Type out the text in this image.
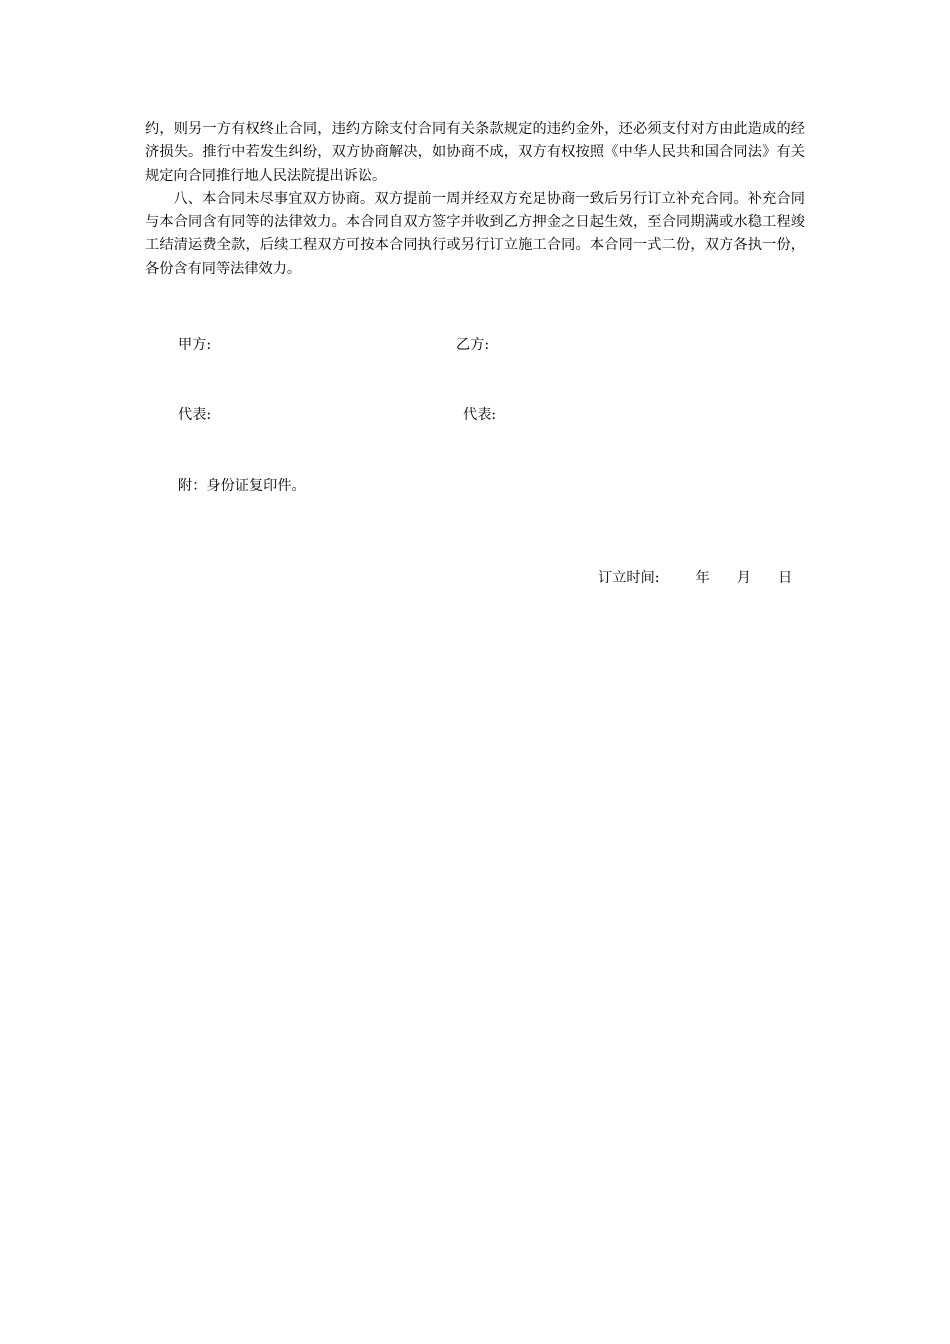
约，则另一方有权终止合同，违约方除支付合同有关条款规定的违约金外，还必须支付对方由此造成的经济损失。推行中若发生纠纷，双方协商解决，如协商不成，双方有权按照《中华人民共和国合同法》有关规定向合同推行地人民法院提出诉讼。

八、本合同未尽事宜双方协商。双方提前一周并经双方充足协商一致后另行订立补充合同。补充合同与本合同含有同等的法律效力。本合同自双方签字并收到乙方押金之日起生效，至合同期满或水稳工程竣工结清运费全款，后续工程双方可按本合同执行或另行订立施工合同。本合同一式二份，双方各执一份，各份含有同等法律效力。

甲方:	乙方:
代表:	代表:
附：身份证复印件。
订立时间:	年 月 日
